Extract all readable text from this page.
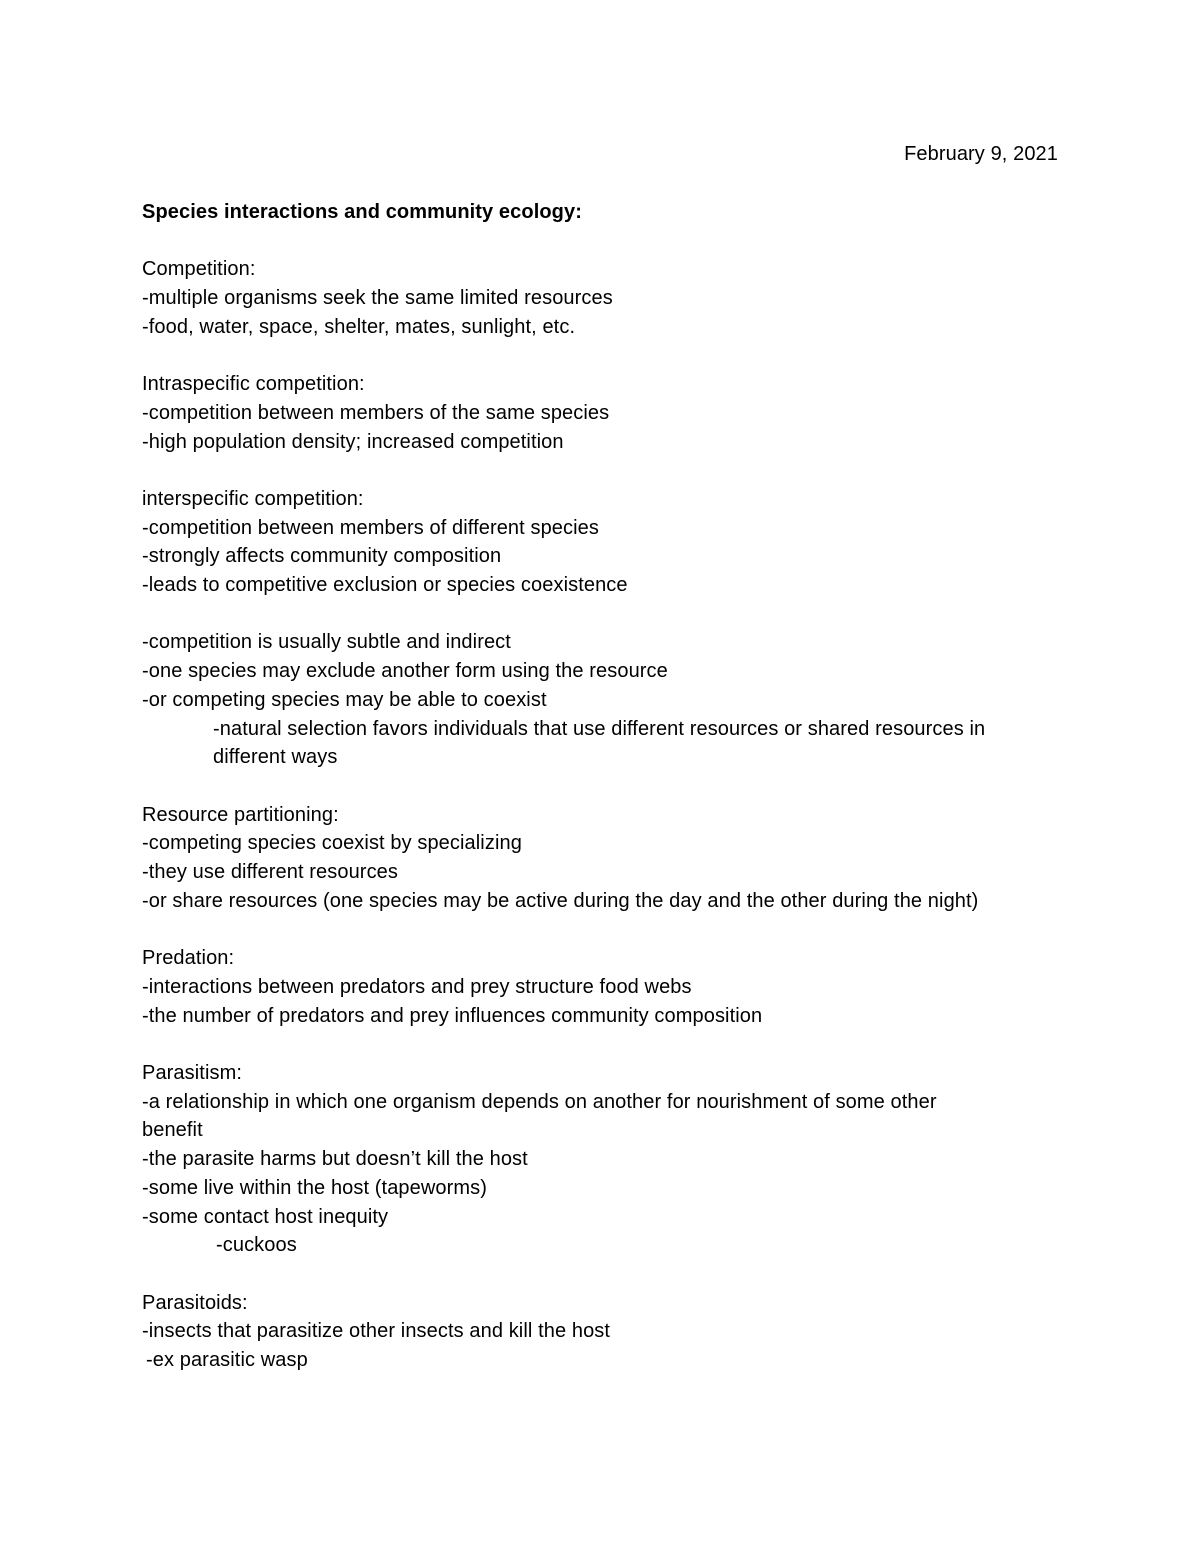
February 9, 2021
Species interactions and community ecology:
Competition:
-multiple organisms seek the same limited resources
-food, water, space, shelter, mates, sunlight, etc.
Intraspecific competition:
-competition between members of the same species
-high population density; increased competition
interspecific competition:
-competition between members of different species
-strongly affects community composition
-leads to competitive exclusion or species coexistence
-competition is usually subtle and indirect
-one species may exclude another form using the resource
-or competing species may be able to coexist
-natural selection favors individuals that use different resources or shared resources in
different ways
Resource partitioning:
-competing species coexist by specializing
-they use different resources
-or share resources (one species may be active during the day and the other during the night)
Predation:
-interactions between predators and prey structure food webs
-the number of predators and prey influences community composition
Parasitism:
-a relationship in which one organism depends on another for nourishment of some other
benefit
-the parasite harms but doesn’t kill the host
-some live within the host (tapeworms)
-some contact host inequity
-cuckoos
Parasitoids:
-insects that parasitize other insects and kill the host
-ex parasitic wasp
